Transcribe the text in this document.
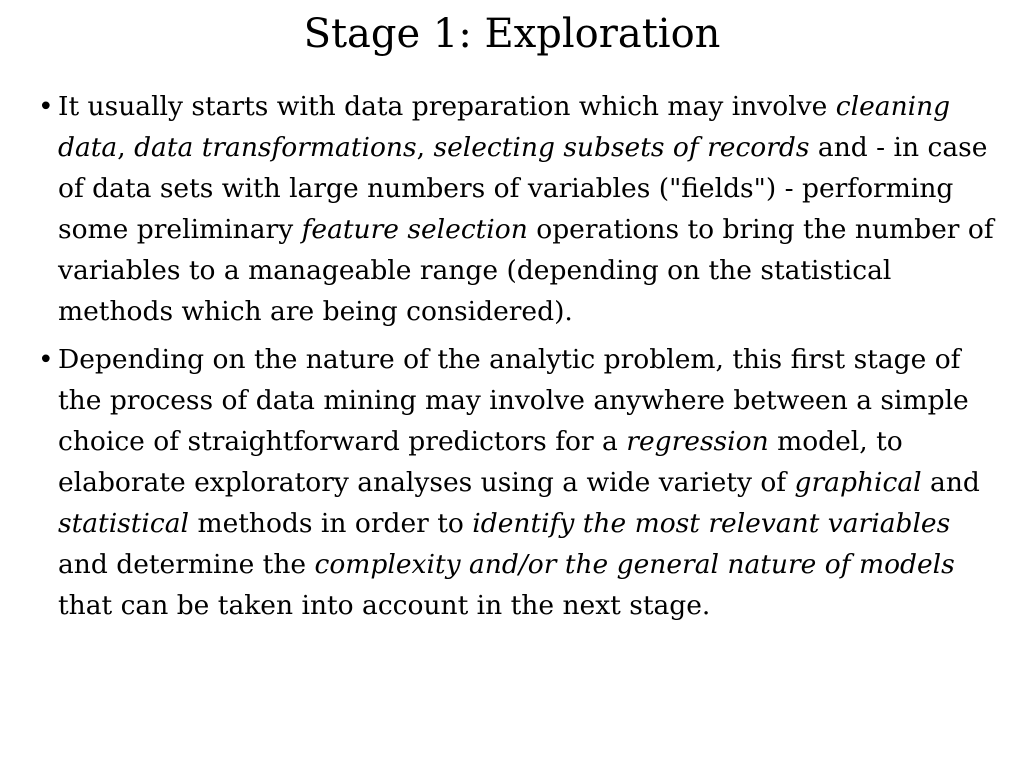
Stage 1: Exploration
• It usually starts with data preparation which may involve cleaning data, data transformations, selecting subsets of records and - in case of data sets with large numbers of variables ("fields") - performing some preliminary feature selection operations to bring the number of variables to a manageable range (depending on the statistical methods which are being considered).
• Depending on the nature of the analytic problem, this first stage of the process of data mining may involve anywhere between a simple choice of straightforward predictors for a regression model, to elaborate exploratory analyses using a wide variety of graphical and statistical methods in order to identify the most relevant variables and determine the complexity and/or the general nature of models that can be taken into account in the next stage.
